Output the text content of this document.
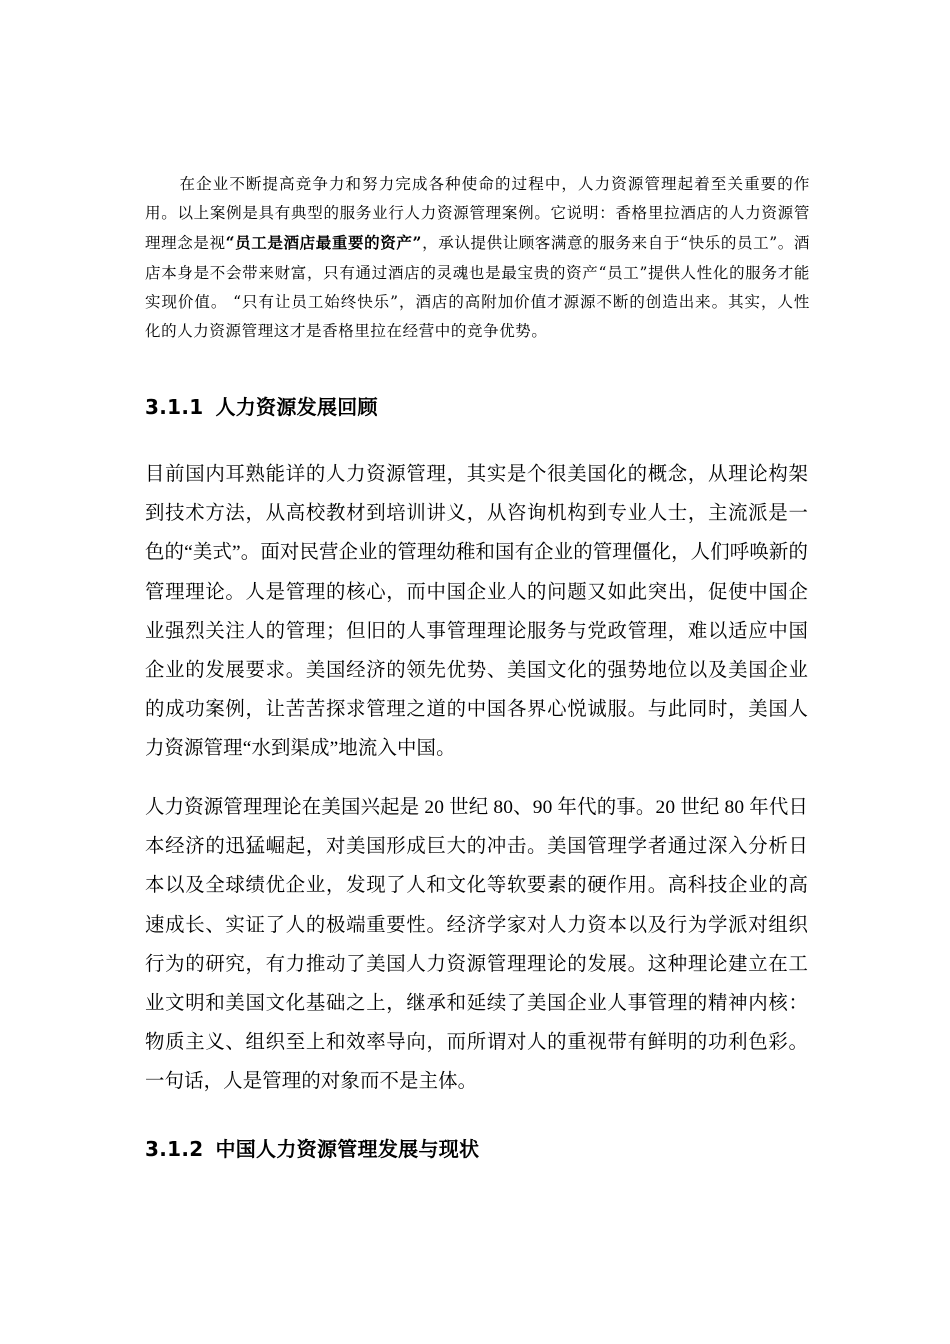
在企业不断提高竞争力和努力完成各种使命的过程中，人力资源管理起着至关重要的作用。以上案例是具有典型的服务业行人力资源管理案例。它说明：香格里拉酒店的人力资源管理理念是视“员工是酒店最重要的资产”，承认提供让顾客满意的服务来自于“快乐的员工”。酒店本身是不会带来财富，只有通过酒店的灵魂也是最宝贵的资产“员工”提供人性化的服务才能实现价值。 “只有让员工始终快乐”，酒店的高附加价值才源源不断的创造出来。其实，人性化的人力资源管理这才是香格里拉在经营中的竞争优势。

3.1.1 人力资源发展回顾

目前国内耳熟能详的人力资源管理，其实是个很美国化的概念，从理论构架到技术方法，从高校教材到培训讲义，从咨询机构到专业人士，主流派是一色的“美式”。面对民营企业的管理幼稚和国有企业的管理僵化，人们呼唤新的管理理论。人是管理的核心，而中国企业人的问题又如此突出，促使中国企业强烈关注人的管理；但旧的人事管理理论服务与党政管理，难以适应中国企业的发展要求。美国经济的领先优势、美国文化的强势地位以及美国企业的成功案例，让苦苦探求管理之道的中国各界心悦诚服。与此同时，美国人力资源管理“水到渠成”地流入中国。

人力资源管理理论在美国兴起是 20 世纪 80、90 年代的事。20 世纪 80 年代日本经济的迅猛崛起，对美国形成巨大的冲击。美国管理学者通过深入分析日本以及全球绩优企业，发现了人和文化等软要素的硬作用。高科技企业的高速成长、实证了人的极端重要性。经济学家对人力资本以及行为学派对组织行为的研究，有力推动了美国人力资源管理理论的发展。这种理论建立在工业文明和美国文化基础之上，继承和延续了美国企业人事管理的精神内核：物质主义、组织至上和效率导向，而所谓对人的重视带有鲜明的功利色彩。一句话，人是管理的对象而不是主体。

3.1.2 中国人力资源管理发展与现状
